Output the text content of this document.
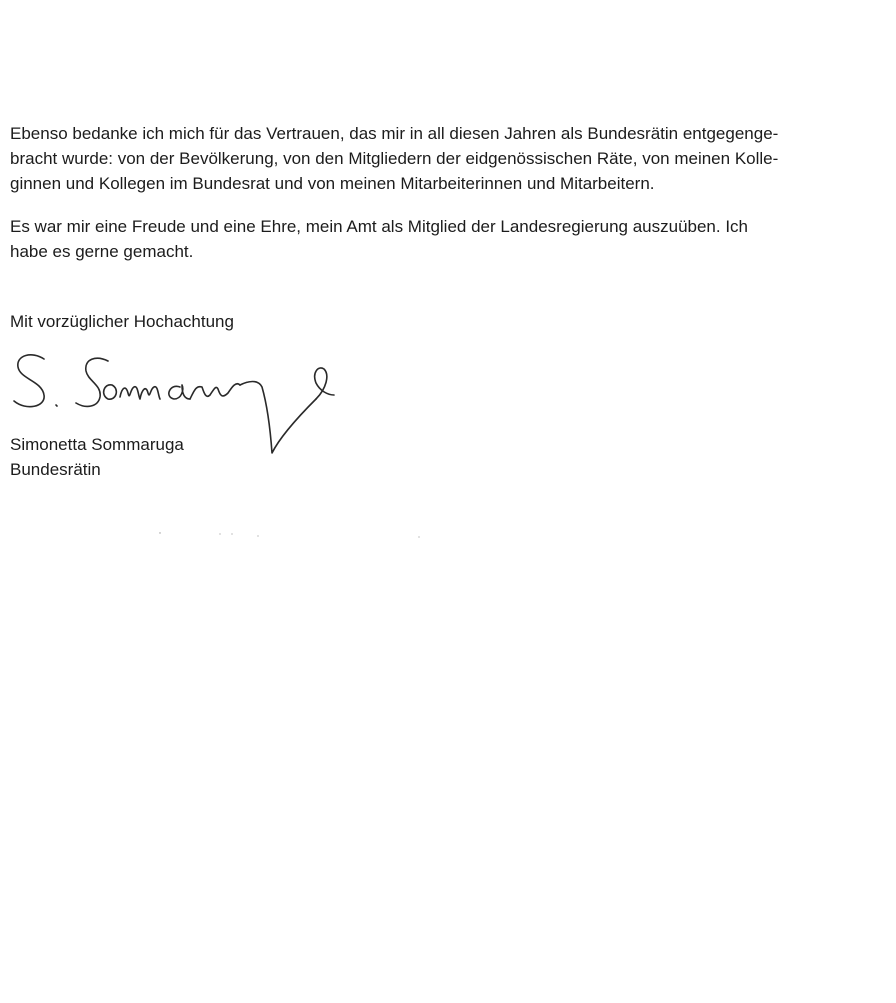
Ebenso bedanke ich mich für das Vertrauen, das mir in all diesen Jahren als Bundesrätin entgegenge-
bracht wurde: von der Bevölkerung, von den Mitgliedern der eidgenössischen Räte, von meinen Kolle-
ginnen und Kollegen im Bundesrat und von meinen Mitarbeiterinnen und Mitarbeitern.

Es war mir eine Freude und eine Ehre, mein Amt als Mitglied der Landesregierung auszuüben. Ich
habe es gerne gemacht.

Mit vorzüglicher Hochachtung

Simonetta Sommaruga

Bundesrätin
